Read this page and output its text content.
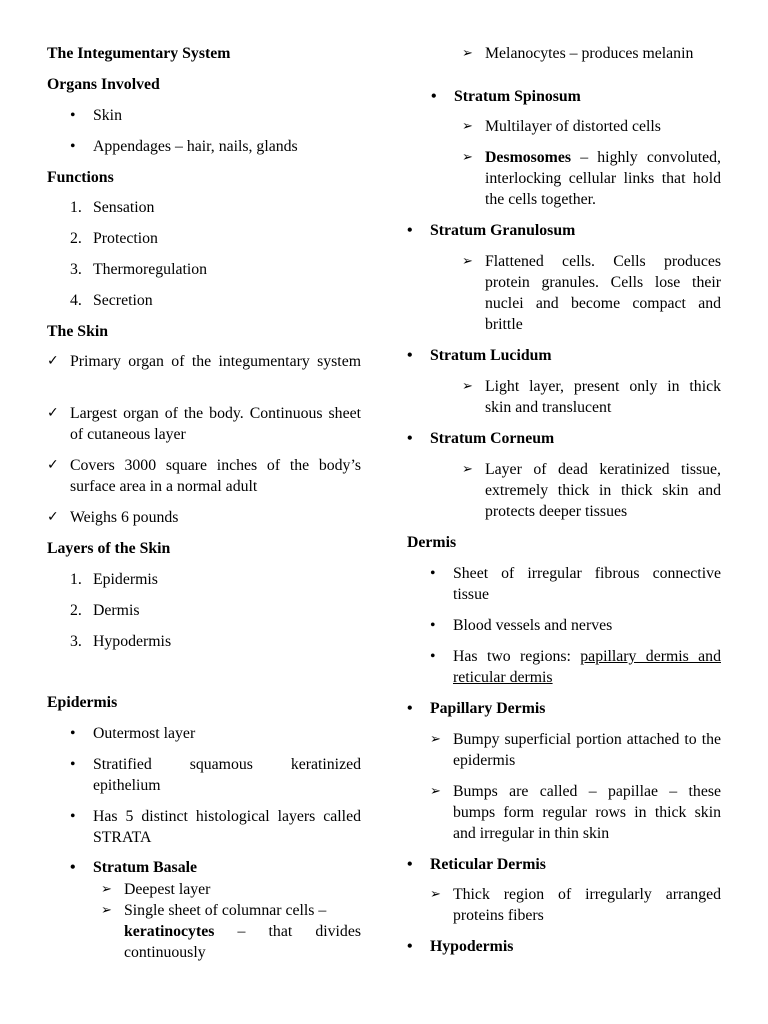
The Integumentary System
Organs Involved
• Skin
• Appendages – hair, nails, glands
Functions
1. Sensation
2. Protection
3. Thermoregulation
4. Secretion
The Skin
✓ Primary organ of the integumentary system
✓ Largest organ of the body. Continuous sheet of cutaneous layer
✓ Covers 3000 square inches of the body’s surface area in a normal adult
✓ Weighs 6 pounds
Layers of the Skin
1. Epidermis
2. Dermis
3. Hypodermis
Epidermis
• Outermost layer
• Stratified squamous keratinized epithelium
• Has 5 distinct histological layers called STRATA
• Stratum Basale
➢ Deepest layer
➢ Single sheet of columnar cells –
keratinocytes – that divides continuously
➢ Melanocytes – produces melanin
• Stratum Spinosum
➢ Multilayer of distorted cells
➢ Desmosomes – highly convoluted, interlocking cellular links that hold the cells together.
• Stratum Granulosum
➢ Flattened cells. Cells produces protein granules. Cells lose their nuclei and become compact and brittle
• Stratum Lucidum
➢ Light layer, present only in thick skin and translucent
• Stratum Corneum
➢ Layer of dead keratinized tissue, extremely thick in thick skin and protects deeper tissues
Dermis
• Sheet of irregular fibrous connective tissue
• Blood vessels and nerves
• Has two regions: papillary dermis and reticular dermis
• Papillary Dermis
➢ Bumpy superficial portion attached to the epidermis
➢ Bumps are called – papillae – these bumps form regular rows in thick skin and irregular in thin skin
• Reticular Dermis
➢ Thick region of irregularly arranged proteins fibers
• Hypodermis
